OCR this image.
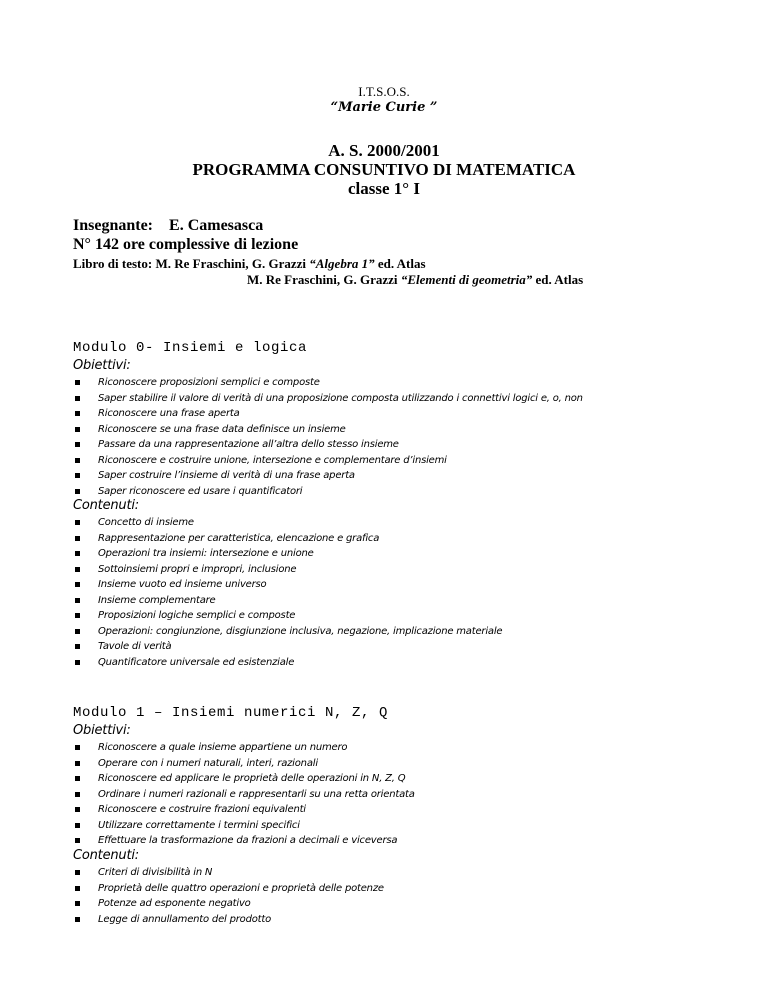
I.T.S.O.S.
“Marie Curie ”
A. S. 2000/2001
PROGRAMMA CONSUNTIVO DI MATEMATICA
classe 1° I
Insegnante: E. Camesasca
N° 142 ore complessive di lezione
Libro di testo: M. Re Fraschini, G. Grazzi “Algebra 1” ed. Atlas
M. Re Fraschini, G. Grazzi “Elementi di geometria” ed. Atlas
Modulo 0- Insiemi e logica
Obiettivi:
Riconoscere proposizioni semplici e composte
Saper stabilire il valore di verità di una proposizione composta utilizzando i connettivi logici e, o, non
Riconoscere una frase aperta
Riconoscere se una frase data definisce un insieme
Passare da una rappresentazione all’altra dello stesso insieme
Riconoscere e costruire unione, intersezione e complementare d’insiemi
Saper costruire l’insieme di verità di una frase aperta
Saper riconoscere ed usare i quantificatori
Contenuti:
Concetto di insieme
Rappresentazione per caratteristica, elencazione e grafica
Operazioni tra insiemi: intersezione e unione
Sottoinsiemi propri e impropri, inclusione
Insieme vuoto ed insieme universo
Insieme complementare
Proposizioni logiche semplici e composte
Operazioni: congiunzione, disgiunzione inclusiva, negazione, implicazione materiale
Tavole di verità
Quantificatore universale ed esistenziale
Modulo 1 – Insiemi numerici N, Z, Q
Obiettivi:
Riconoscere a quale insieme appartiene un numero
Operare con i numeri naturali, interi, razionali
Riconoscere ed applicare le proprietà delle operazioni in N, Z, Q
Ordinare i numeri razionali e rappresentarli su una retta orientata
Riconoscere e costruire frazioni equivalenti
Utilizzare correttamente i termini specifici
Effettuare la trasformazione da frazioni a decimali e viceversa
Contenuti:
Criteri di divisibilità in N
Proprietà delle quattro operazioni e proprietà delle potenze
Potenze ad esponente negativo
Legge di annullamento del prodotto
